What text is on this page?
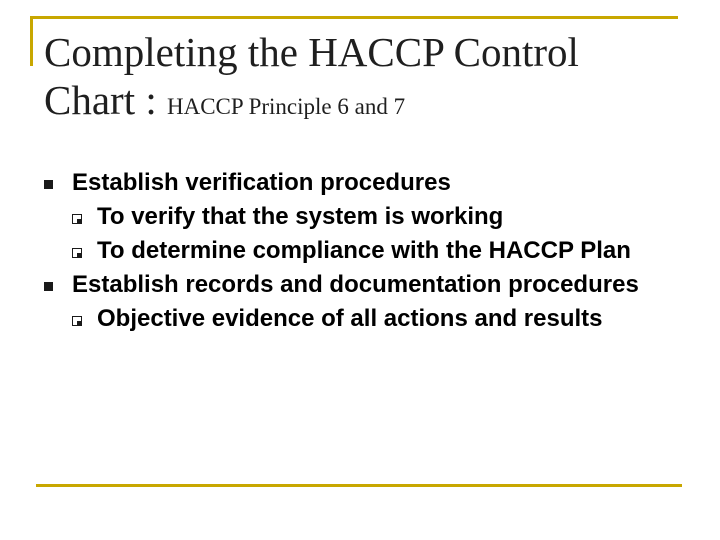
Completing the HACCP Control
Chart : HACCP Principle 6 and 7
Establish verification procedures
To verify that the system is working
To determine compliance with the HACCP Plan
Establish records and documentation procedures
Objective evidence of all actions and results
